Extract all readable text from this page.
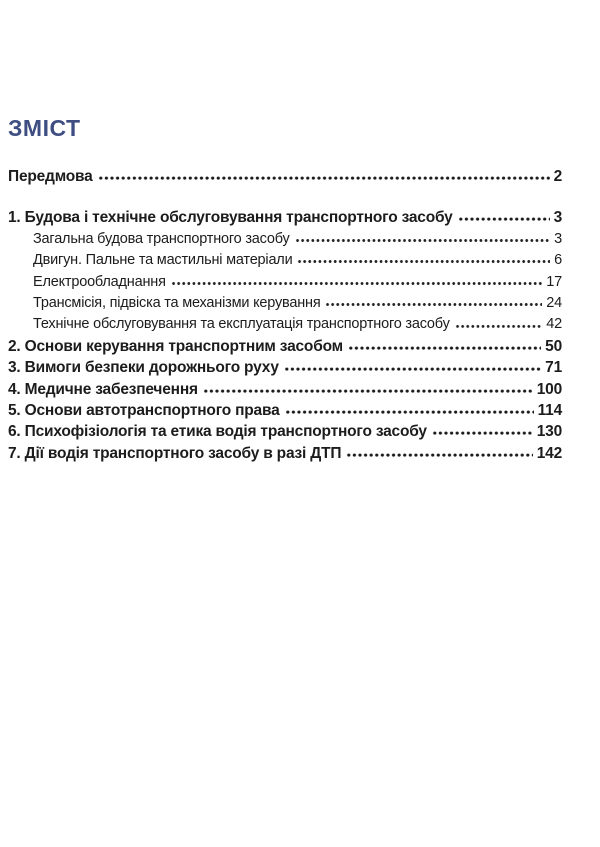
Зміст
Передмова	2
1. Будова і технічне обслуговування транспортного засобу	3
Загальна будова транспортного засобу	3
Двигун. Пальне та мастильні матеріали	6
Електрообладнання	17
Трансмісія, підвіска та механізми керування	24
Технічне обслуговування та експлуатація транспортного засобу	42
2. Основи керування транспортним засобом	50
3. Вимоги безпеки дорожнього руху	71
4. Медичне забезпечення	100
5. Основи автотранспортного права	114
6. Психофізіологія та етика водія транспортного засобу	130
7. Дії водія транспортного засобу в разі ДТП	142
